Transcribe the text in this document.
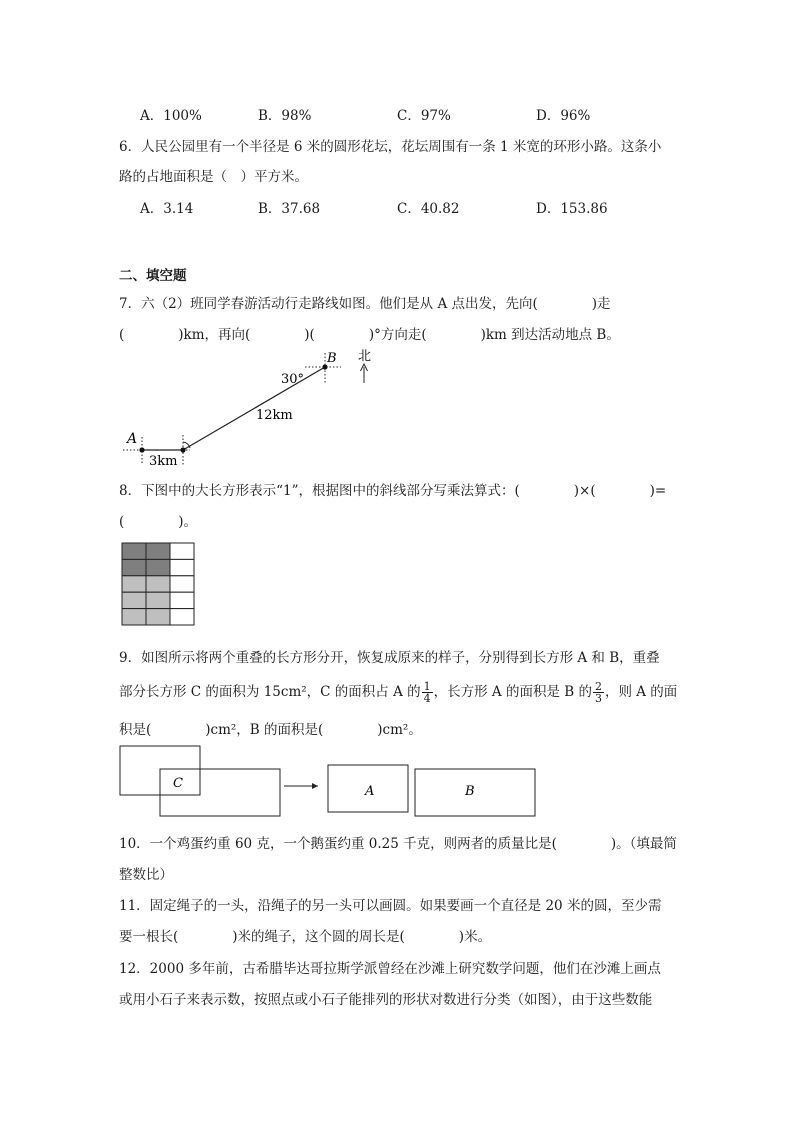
A．100%	B．98%	C．97%	D．96%
6．人民公园里有一个半径是 6 米的圆形花坛，花坛周围有一条 1 米宽的环形小路。这条小
路的占地面积是（　）平方米。
A．3.14	B．37.68	C．40.82	D．153.86
二、填空题
7．六（2）班同学春游活动行走路线如图。他们是从 A 点出发，先向(　　　　)走
(　　　　)km，再向(　　　　)(　　　　)°方向走(　　　　)km 到达活动地点 B。
A
B
30°
北
3km
12km
8．下图中的大长方形表示“1”，根据图中的斜线部分写乘法算式：(　　　　)×(　　　　)=
(　　　　)。
9．如图所示将两个重叠的长方形分开，恢复成原来的样子，分别得到长方形 A 和 B，重叠
部分长方形 C 的面积为 15cm²，C 的面积占 A 的 $\frac{1}{4}$ ，长方形 A 的面积是 B 的 $\frac{2}{3}$ ，则 A 的面
积是(　　　　)cm²，B 的面积是(　　　　)cm²。
C
A	B
10．一个鸡蛋约重 60 克，一个鹅蛋约重 0.25 千克，则两者的质量比是(　　　　)。（填最简
整数比）
11．固定绳子的一头，沿绳子的另一头可以画圆。如果要画一个直径是 20 米的圆，至少需
要一根长(　　　　)米的绳子，这个圆的周长是(　　　　)米。
12．2000 多年前，古希腊毕达哥拉斯学派曾经在沙滩上研究数学问题，他们在沙滩上画点
或用小石子来表示数，按照点或小石子能排列的形状对数进行分类（如图），由于这些数能
